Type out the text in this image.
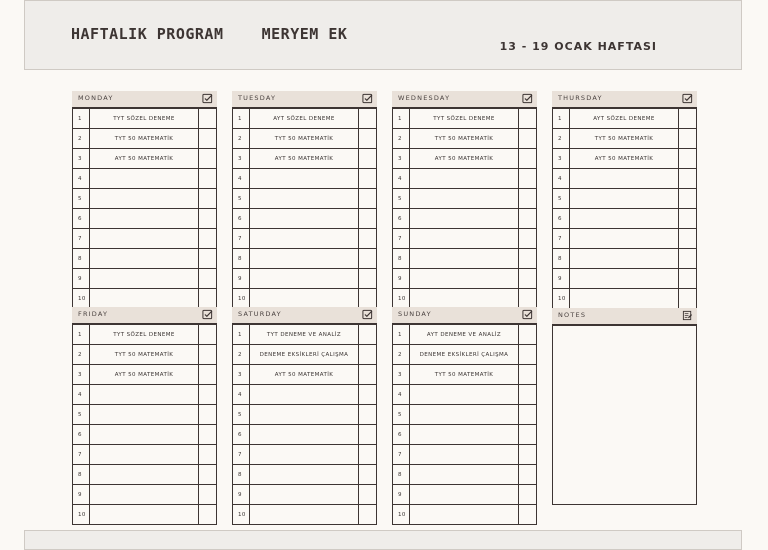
HAFTALIK PROGRAM    MERYEM EK
13 - 19 OCAK HAFTASI
MONDAY
1	TYT SÖZEL DENEME	
2	TYT 50 MATEMATİK	
3	AYT 50 MATEMATİK	
4		
5		
6		
7		
8		
9		
10		
TUESDAY
1	AYT SÖZEL DENEME	
2	TYT 50 MATEMATİK	
3	AYT 50 MATEMATİK	
4		
5		
6		
7		
8		
9		
10		
WEDNESDAY
1	TYT SÖZEL DENEME	
2	TYT 50 MATEMATİK	
3	AYT 50 MATEMATİK	
4		
5		
6		
7		
8		
9		
10		
THURSDAY
1	AYT SÖZEL DENEME	
2	TYT 50 MATEMATİK	
3	AYT 50 MATEMATİK	
4		
5		
6		
7		
8		
9		
10		
FRIDAY
1	TYT SÖZEL DENEME	
2	TYT 50 MATEMATİK	
3	AYT 50 MATEMATİK	
4		
5		
6		
7		
8		
9		
10		
SATURDAY
1	TYT DENEME VE ANALİZ	
2	DENEME EKSİKLERİ ÇALIŞMA	
3	AYT 50 MATEMATİK	
4		
5		
6		
7		
8		
9		
10		
SUNDAY
1	AYT DENEME VE ANALİZ	
2	DENEME EKSİKLERİ ÇALIŞMA	
3	TYT 50 MATEMATİK	
4		
5		
6		
7		
8		
9		
10		
NOTES
